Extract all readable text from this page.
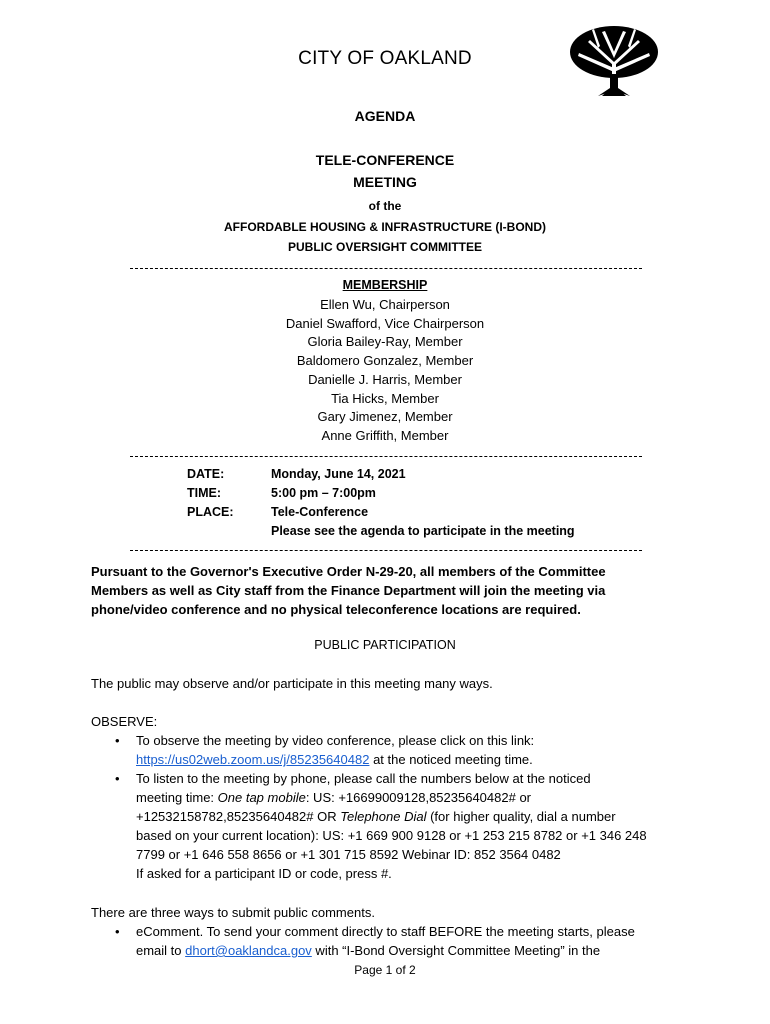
CITY OF OAKLAND
AGENDA
TELE-CONFERENCE
MEETING
of the
AFFORDABLE HOUSING & INFRASTRUCTURE (I-BOND)
PUBLIC OVERSIGHT COMMITTEE
MEMBERSHIP
Ellen Wu, Chairperson
Daniel Swafford, Vice Chairperson
Gloria Bailey-Ray, Member
Baldomero Gonzalez, Member
Danielle J. Harris, Member
Tia Hicks, Member
Gary Jimenez, Member
Anne Griffith, Member
DATE:	Monday, June 14, 2021
TIME:	5:00 pm – 7:00pm
PLACE:	Tele-Conference
Please see the agenda to participate in the meeting
Pursuant to the Governor's Executive Order N-29-20, all members of the Committee
Members as well as City staff from the Finance Department will join the meeting via
phone/video conference and no physical teleconference locations are required.
PUBLIC PARTICIPATION
The public may observe and/or participate in this meeting many ways.
OBSERVE:
• To observe the meeting by video conference, please click on this link:
https://us02web.zoom.us/j/85235640482 at the noticed meeting time.
• To listen to the meeting by phone, please call the numbers below at the noticed
meeting time: One tap mobile: US: +16699009128,85235640482# or
+12532158782,85235640482# OR Telephone Dial (for higher quality, dial a number
based on your current location): US: +1 669 900 9128 or +1 253 215 8782 or +1 346 248
7799 or +1 646 558 8656 or +1 301 715 8592 Webinar ID: 852 3564 0482
If asked for a participant ID or code, press #.
There are three ways to submit public comments.
• eComment. To send your comment directly to staff BEFORE the meeting starts, please
email to dhort@oaklandca.gov with “I-Bond Oversight Committee Meeting” in the
Page 1 of 2
